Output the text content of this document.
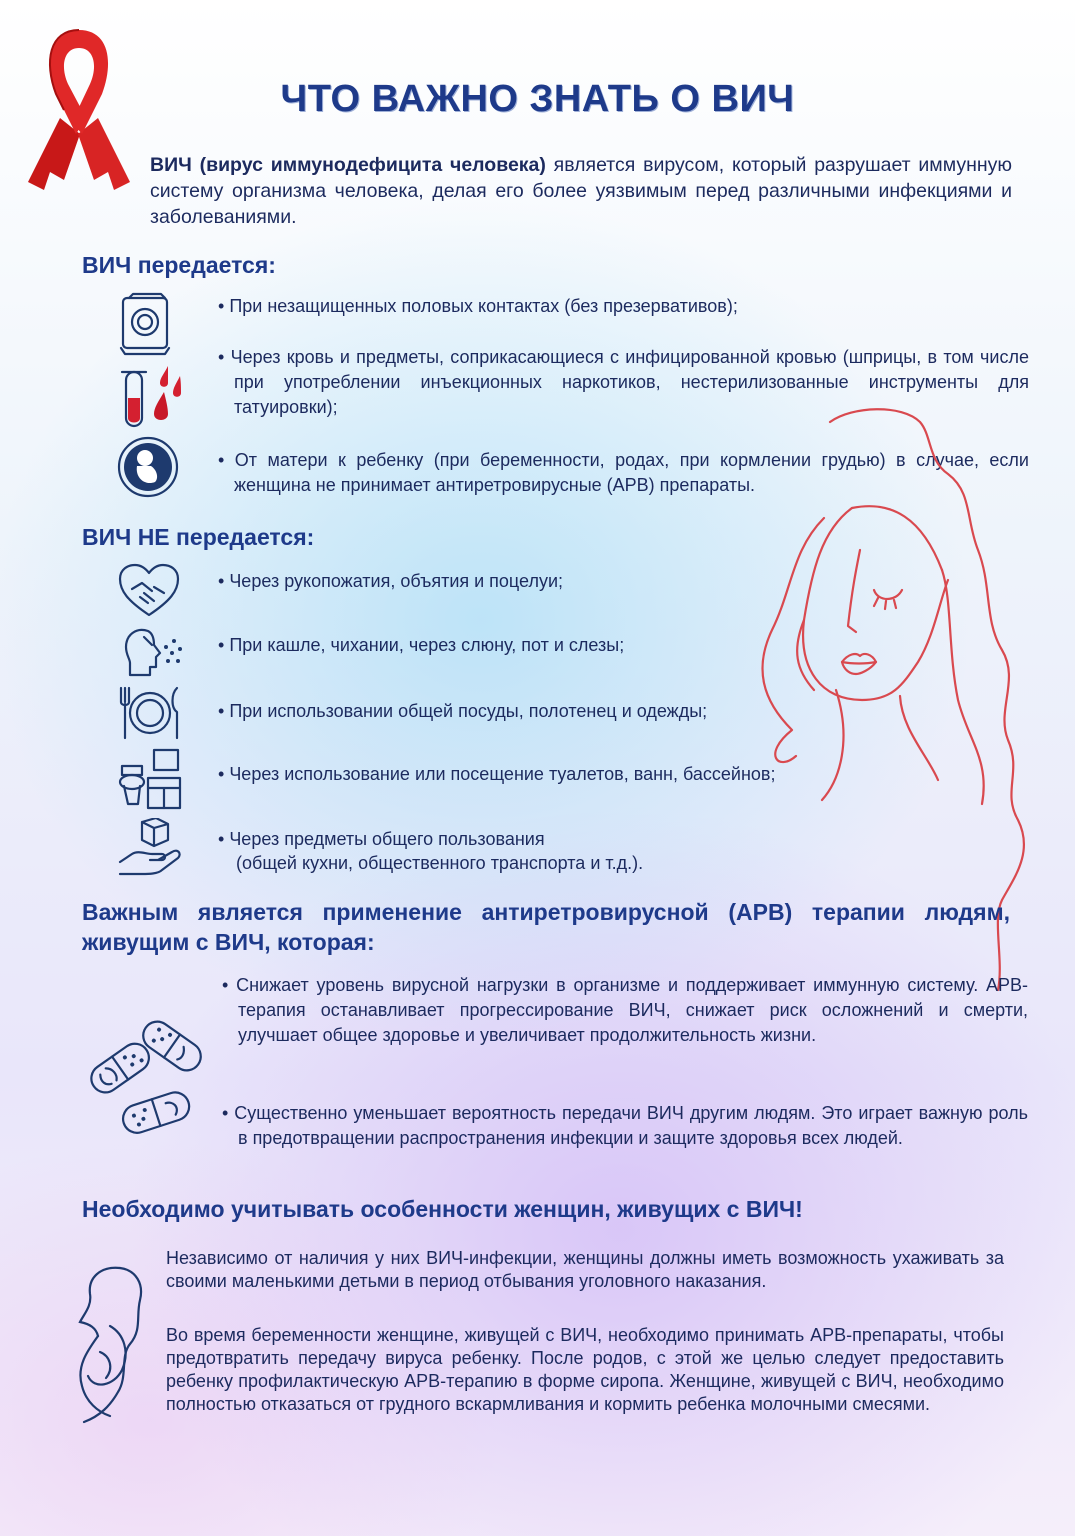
ЧТО ВАЖНО ЗНАТЬ О ВИЧ

ВИЧ (вирус иммунодефицита человека) является вирусом, который разрушает иммунную систему организма человека, делая его более уязвимым перед различными инфекциями и заболеваниями.

ВИЧ передается:

• При незащищенных половых контактах (без презервативов);

• Через кровь и предметы, соприкасающиеся с инфицированной кровью (шприцы, в том числе при употреблении инъекционных наркотиков, нестерилизованные инструменты для татуировки);

• От матери к ребенку (при беременности, родах, при кормлении грудью) в случае, если женщина не принимает антиретровирусные (АРВ) препараты.

ВИЧ НЕ передается:

• Через рукопожатия, объятия и поцелуи;

• При кашле, чихании, через слюну, пот и слезы;

• При использовании общей посуды, полотенец и одежды;

• Через использование или посещение туалетов, ванн, бассейнов;

• Через предметы общего пользования

(общей кухни, общественного транспорта и т.д.).

Важным является применение антиретровирусной (АРВ) терапии людям, живущим с ВИЧ, которая:

• Снижает уровень вирусной нагрузки в организме и поддерживает иммунную систему. АРВ-терапия останавливает прогрессирование ВИЧ, снижает риск осложнений и смерти, улучшает общее здоровье и увеличивает продолжительность жизни.

• Существенно уменьшает вероятность передачи ВИЧ другим людям. Это играет важную роль в предотвращении распространения инфекции и защите здоровья всех людей.

Необходимо учитывать особенности женщин, живущих с ВИЧ!

Независимо от наличия у них ВИЧ-инфекции, женщины должны иметь возможность ухаживать за своими маленькими детьми в период отбывания уголовного наказания.

Во время беременности женщине, живущей с ВИЧ, необходимо принимать АРВ-препараты, чтобы предотвратить передачу вируса ребенку. После родов, с этой же целью следует предоставить ребенку профилактическую АРВ-терапию в форме сиропа. Женщине, живущей с ВИЧ, необходимо полностью отказаться от грудного вскармливания и кормить ребенка молочными смесями.
